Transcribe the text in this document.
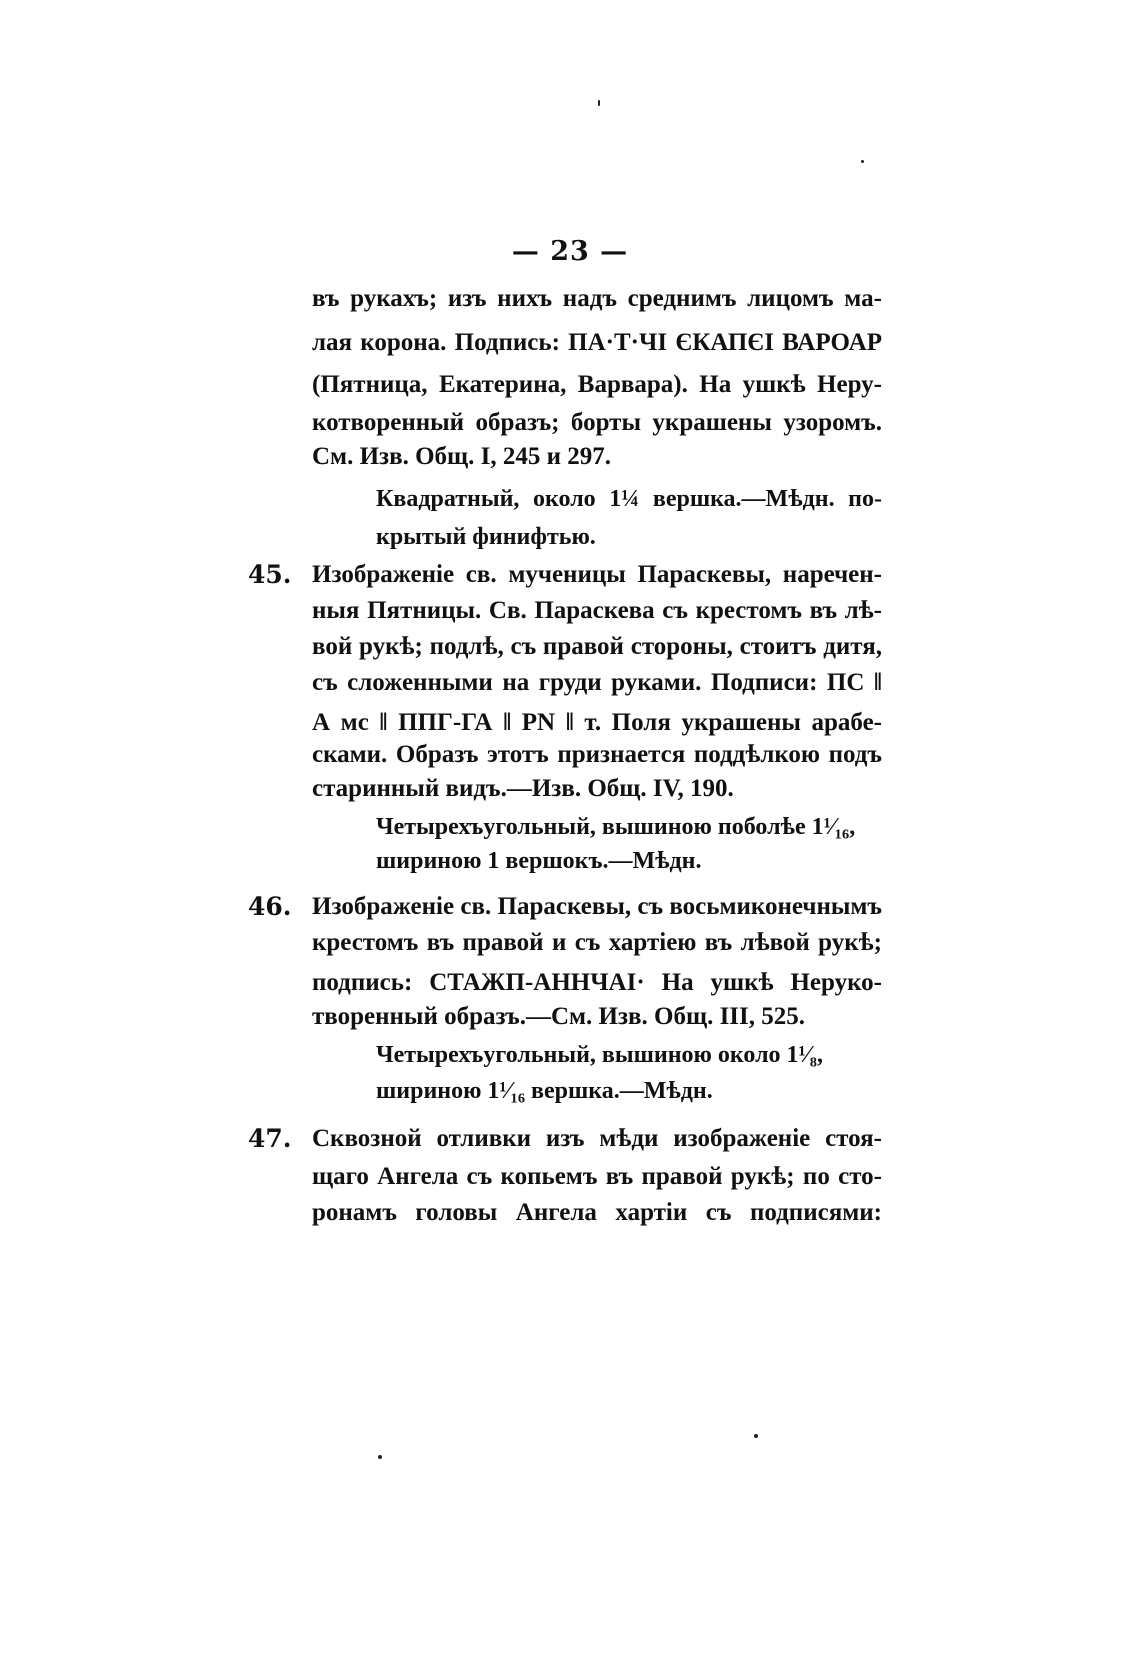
— 23 —
въ рукахъ; изъ нихъ надъ среднимъ лицомъ ма-
лая корона. Подпись: ПА·Т·ЧІ ЄКАПЄІ ВАРОАР
(Пятница, Екатерина, Варвара). На ушкѣ Неру-
котворенный образъ; борты украшены узоромъ.
См. Изв. Общ. I, 245 и 297.
Квадратный, около 1¼ вершка.—Мѣдн. по-
крытый финифтью.
45. Изображеніе св. мученицы Параскевы, наречен-
ныя Пятницы. Св. Параскева съ крестомъ въ лѣ-
вой рукѣ; подлѣ, съ правой стороны, стоитъ дитя,
съ сложенными на груди руками. Подписи: ПС ‖
А мс ‖ ППГ-ГА ‖ РN ‖ т. Поля украшены арабе-
сками. Образъ этотъ признается поддѣлкою подъ
старинный видъ.—Изв. Общ. IV, 190.
Четырехъугольный, вышиною поболѣе 1¹⁄₁₆,
шириною 1 вершокъ.—Мѣдн.
46. Изображеніе св. Параскевы, съ восьмиконечнымъ
крестомъ въ правой и съ хартіею въ лѣвой рукѣ;
подпись: СТАЖП-АННЧАІ· На ушкѣ Неруко-
творенный образъ.—См. Изв. Общ. III, 525.
Четырехъугольный, вышиною около 1¹⁄₈,
шириною 1¹⁄₁₆ вершка.—Мѣдн.
47. Сквозной отливки изъ мѣди изображеніе стоя-
щаго Ангела съ копьемъ въ правой рукѣ; по сто-
ронамъ головы Ангела хартіи съ подписями:
